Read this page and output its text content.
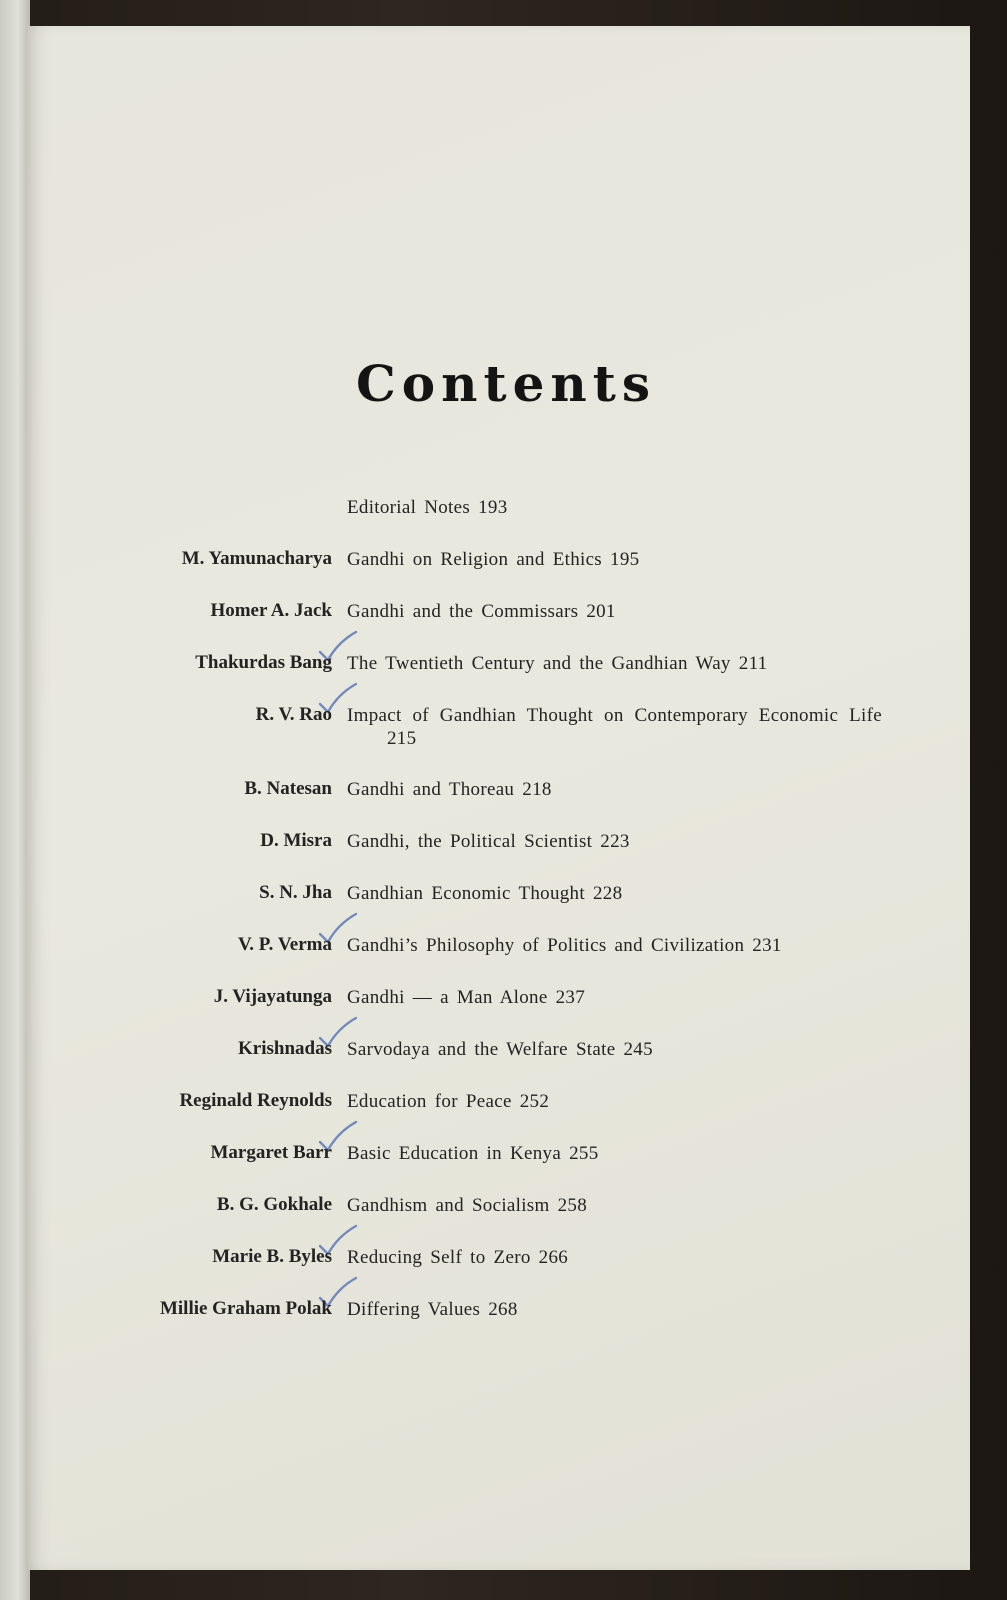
Contents
Editorial Notes 193
M. Yamunacharya Gandhi on Religion and Ethics 195
Homer A. Jack Gandhi and the Commissars 201
Thakurdas Bang The Twentieth Century and the Gandhian Way 211
R. V. Rao Impact of Gandhian Thought on Contemporary Economic Life 215
B. Natesan Gandhi and Thoreau 218
D. Misra Gandhi, the Political Scientist 223
S. N. Jha Gandhian Economic Thought 228
V. P. Verma Gandhi’s Philosophy of Politics and Civilization 231
J. Vijayatunga Gandhi — a Man Alone 237
Krishnadas Sarvodaya and the Welfare State 245
Reginald Reynolds Education for Peace 252
Margaret Barr Basic Education in Kenya 255
B. G. Gokhale Gandhism and Socialism 258
Marie B. Byles Reducing Self to Zero 266
Millie Graham Polak Differing Values 268
